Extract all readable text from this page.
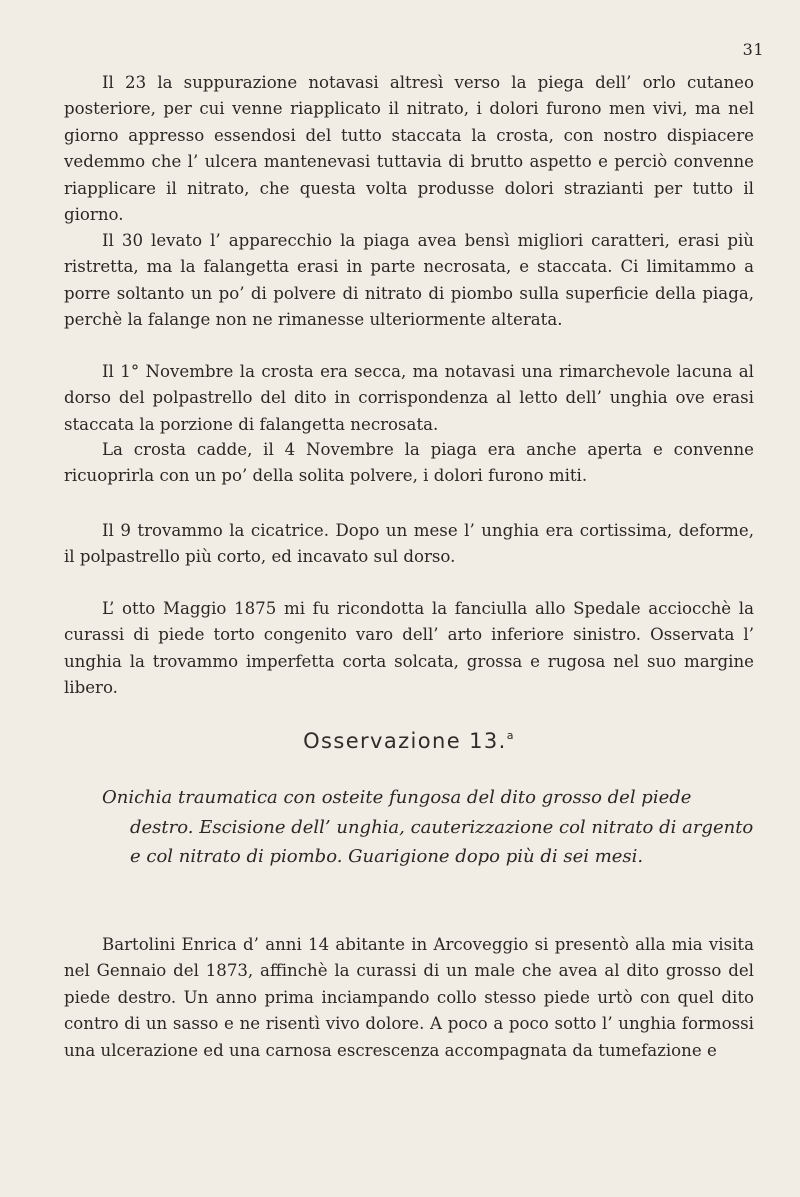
31

Il 23 la suppurazione notavasi altresì verso la piega dell’ orlo cutaneo posteriore, per cui venne riapplicato il nitrato, i dolori furono men vivi, ma nel giorno appresso essendosi del tutto staccata la crosta, con nostro dispiacere vedemmo che l’ ulcera mantenevasi tuttavia di brutto aspetto e perciò convenne riapplicare il nitrato, che questa volta produsse dolori strazianti per tutto il giorno.

Il 30 levato l’ apparecchio la piaga avea bensì migliori caratteri, erasi più ristretta, ma la falangetta erasi in parte necrosata, e staccata. Ci limitammo a porre soltanto un po’ di polvere di nitrato di piombo sulla superficie della piaga, perchè la falange non ne rimanesse ulteriormente alterata.

Il 1° Novembre la crosta era secca, ma notavasi una rimarchevole lacuna al dorso del polpastrello del dito in corrispondenza al letto dell’ unghia ove erasi staccata la porzione di falangetta necrosata.

La crosta cadde, il 4 Novembre la piaga era anche aperta e convenne ricuoprirla con un po’ della solita polvere, i dolori furono miti.

Il 9 trovammo la cicatrice. Dopo un mese l’ unghia era cortissima, deforme, il polpastrello più corto, ed incavato sul dorso.

L’ otto Maggio 1875 mi fu ricondotta la fanciulla allo Spedale acciocchè la curassi di piede torto congenito varo dell’ arto inferiore sinistro. Osservata l’ unghia la trovammo imperfetta corta solcata, grossa e rugosa nel suo margine libero.

Osservazione 13.$^a$
Onichia traumatica con osteite fungosa del dito grosso del piede
destro. Escisione dell’ unghia, cauterizzazione col nitrato di argento e col nitrato di piombo. Guarigione dopo più di sei mesi.

Bartolini Enrica d’ anni 14 abitante in Arcoveggio si presentò alla mia visita nel Gennaio del 1873, affinchè la curassi di un male che avea al dito grosso del piede destro. Un anno prima inciampando collo stesso piede urtò con quel dito contro di un sasso e ne risentì vivo dolore. A poco a poco sotto l’ unghia formossi una ulcerazione ed una carnosa escrescenza accompagnata da tumefazione e
